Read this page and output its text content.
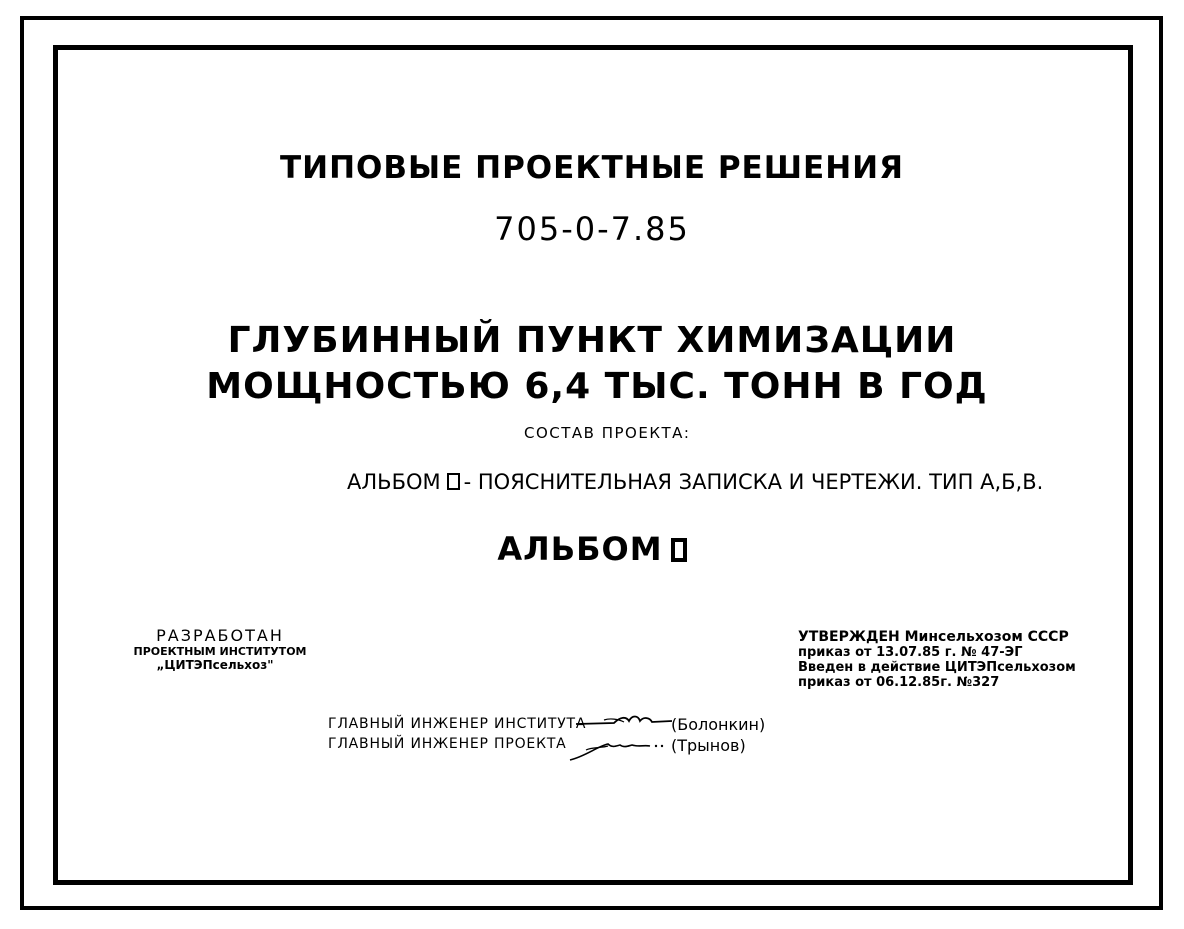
ТИПОВЫЕ ПРОЕКТНЫЕ РЕШЕНИЯ
705-0-7.85
ГЛУБИННЫЙ ПУНКТ ХИМИЗАЦИИ
МОЩНОСТЬЮ 6,4 ТЫС. ТОНН В ГОД
СОСТАВ ПРОЕКТА:
АЛЬБОМ - ПОЯСНИТЕЛЬНАЯ ЗАПИСКА И ЧЕРТЕЖИ. ТИП А,Б,В.
АЛЬБОМ
РАЗРАБОТАН
ПРОЕКТНЫМ ИНСТИТУТОМ
„ЦИТЭПсельхоз"
УТВЕРЖДЕН Минсельхозом СССР
приказ от 13.07.85 г. № 47-ЭГ
Введен в действие ЦИТЭПсельхозом
приказ от 06.12.85г. №327
ГЛАВНЫЙ ИНЖЕНЕР ИНСТИТУТА
ГЛАВНЫЙ ИНЖЕНЕР ПРОЕКТА
(Болонкин)
(Трынов)
